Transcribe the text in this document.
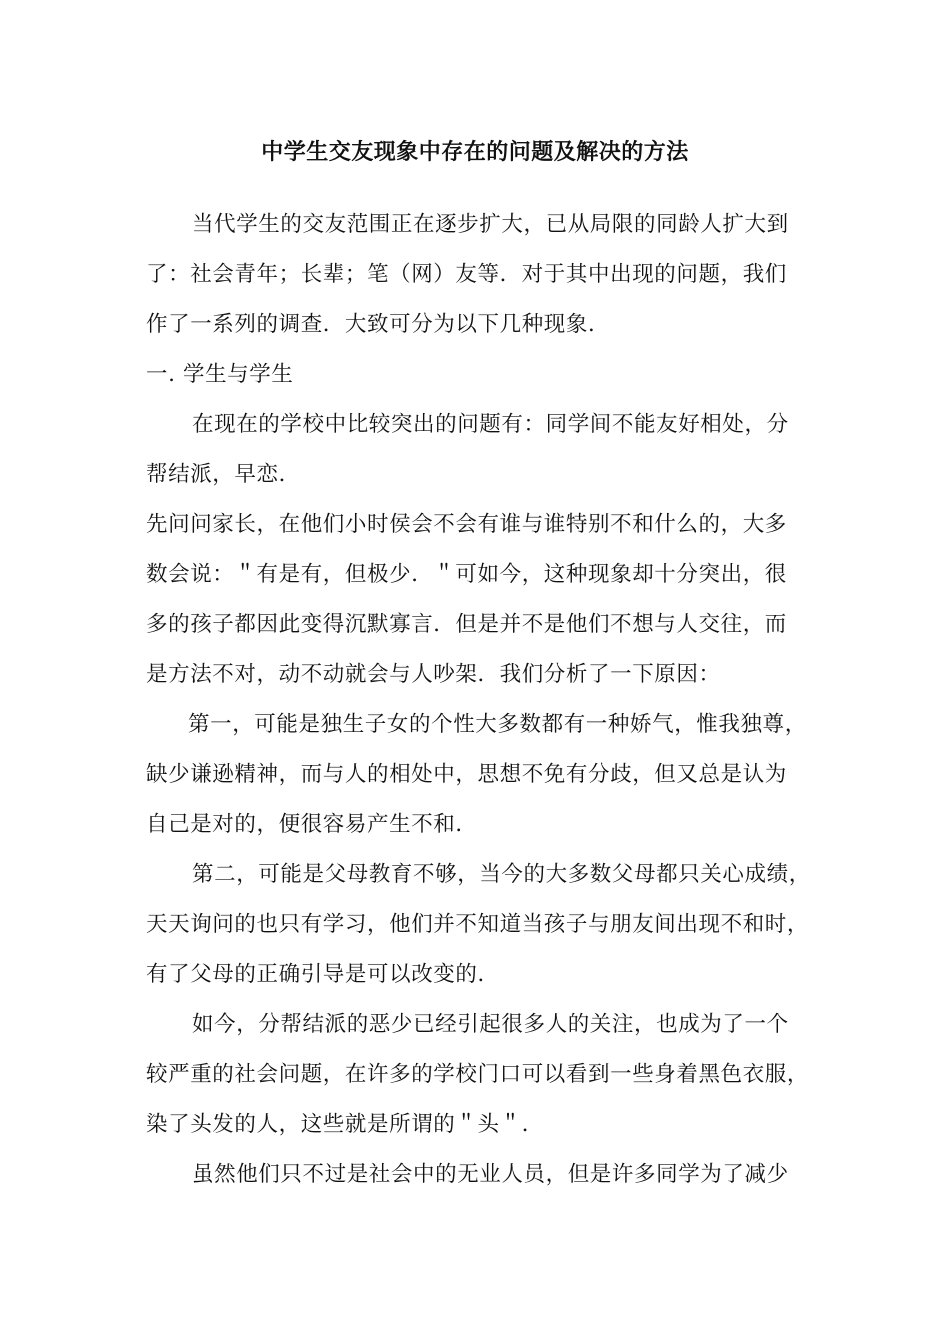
中学生交友现象中存在的问题及解决的方法
当代学生的交友范围正在逐步扩大，已从局限的同龄人扩大到
了：社会青年；长辈；笔（网）友等．对于其中出现的问题，我们
作了一系列的调查．大致可分为以下几种现象．
一. 学生与学生
在现在的学校中比较突出的问题有：同学间不能友好相处，分
帮结派，早恋．
先问问家长，在他们小时侯会不会有谁与谁特别不和什么的，大多
数会说：＂有是有，但极少．＂可如今，这种现象却十分突出，很
多的孩子都因此变得沉默寡言．但是并不是他们不想与人交往，而
是方法不对，动不动就会与人吵架．我们分析了一下原因：
第一，可能是独生子女的个性大多数都有一种娇气，惟我独尊，
缺少谦逊精神，而与人的相处中，思想不免有分歧，但又总是认为
自己是对的，便很容易产生不和．
第二，可能是父母教育不够，当今的大多数父母都只关心成绩，
天天询问的也只有学习，他们并不知道当孩子与朋友间出现不和时，
有了父母的正确引导是可以改变的．
如今，分帮结派的恶少已经引起很多人的关注，也成为了一个
较严重的社会问题，在许多的学校门口可以看到一些身着黑色衣服，
染了头发的人，这些就是所谓的＂头＂．
虽然他们只不过是社会中的无业人员，但是许多同学为了减少
